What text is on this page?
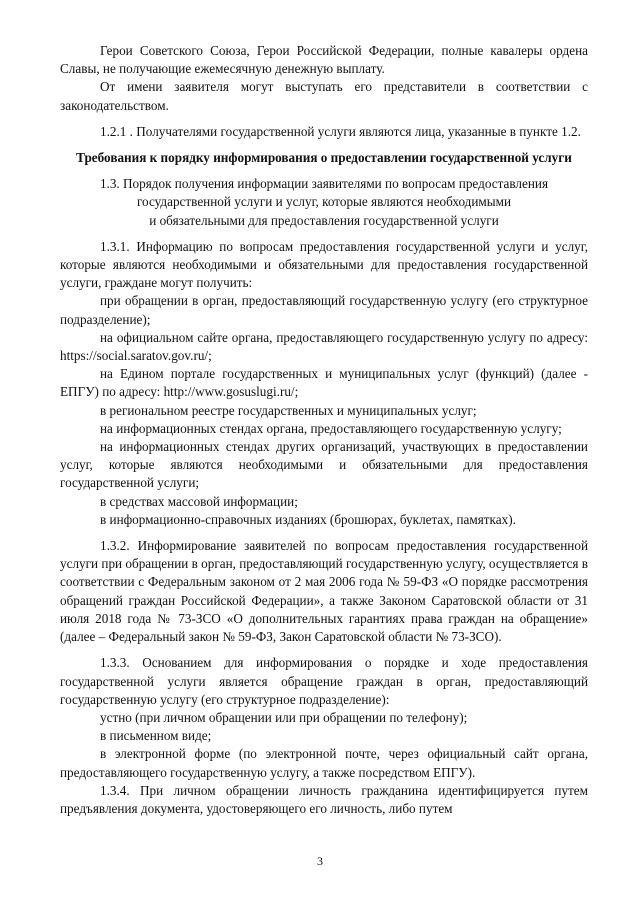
Герои Советского Союза, Герои Российской Федерации, полные кавалеры ордена Славы, не получающие ежемесячную денежную выплату.

От имени заявителя могут выступать его представители в соответствии с законодательством.

1.2.1 . Получателями государственной услуги являются лица, указанные в пункте 1.2.

Требования к порядку информирования о предоставлении государственной услуги

1.3. Порядок получения информации заявителями по вопросам предоставления
государственной услуги и услуг, которые являются необходимыми
и обязательными для предоставления государственной услуги

1.3.1. Информацию по вопросам предоставления государственной услуги и услуг, которые являются необходимыми и обязательными для предоставления государственной услуги, граждане могут получить:

при обращении в орган, предоставляющий государственную услугу (его структурное подразделение);

на официальном сайте органа, предоставляющего государственную услугу по адресу: https://social.saratov.gov.ru/;

на Едином портале государственных и муниципальных услуг (функций) (далее - ЕПГУ) по адресу: http://www.gosuslugi.ru/;

в региональном реестре государственных и муниципальных услуг;

на информационных стендах органа, предоставляющего государственную услугу;

на информационных стендах других организаций, участвующих в предоставлении услуг, которые являются необходимыми и обязательными для предоставления государственной услуги;

в средствах массовой информации;

в информационно-справочных изданиях (брошюрах, буклетах, памятках).

1.3.2. Информирование заявителей по вопросам предоставления государственной услуги при обращении в орган, предоставляющий государственную услугу, осуществляется в соответствии с Федеральным законом от 2 мая 2006 года № 59-ФЗ «О порядке рассмотрения обращений граждан Российской Федерации», а также Законом Саратовской области от 31 июля 2018 года № 73-ЗСО «О дополнительных гарантиях права граждан на обращение» (далее – Федеральный закон № 59-ФЗ, Закон Саратовской области № 73-ЗСО).

1.3.3. Основанием для информирования о порядке и ходе предоставления государственной услуги является обращение граждан в орган, предоставляющий государственную услугу (его структурное подразделение):

устно (при личном обращении или при обращении по телефону);

в письменном виде;

в электронной форме (по электронной почте, через официальный сайт органа, предоставляющего государственную услугу, а также посредством ЕПГУ).

1.3.4. При личном обращении личность гражданина идентифицируется путем предъявления документа, удостоверяющего его личность, либо путем

3
